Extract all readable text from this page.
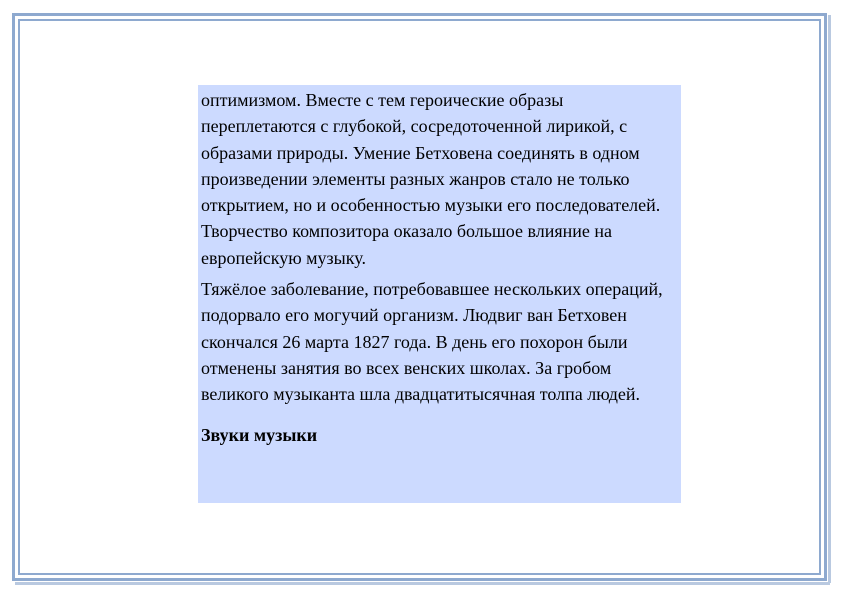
оптимизмом. Вместе с тем героические образы переплетаются с глубокой, сосредоточенной лирикой, с образами природы. Умение Бетховена соединять в одном произведении элементы разных жанров стало не только открытием, но и особенностью музыки его последователей. Творчество композитора оказало большое влияние на европейскую музыку.

Тяжёлое заболевание, потребовавшее нескольких операций, подорвало его могучий организм. Людвиг ван Бетховен скончался 26 марта 1827 года. В день его похорон были отменены занятия во всех венских школах. За гробом великого музыканта шла двадцатитысячная толпа людей.

Звуки музыки
